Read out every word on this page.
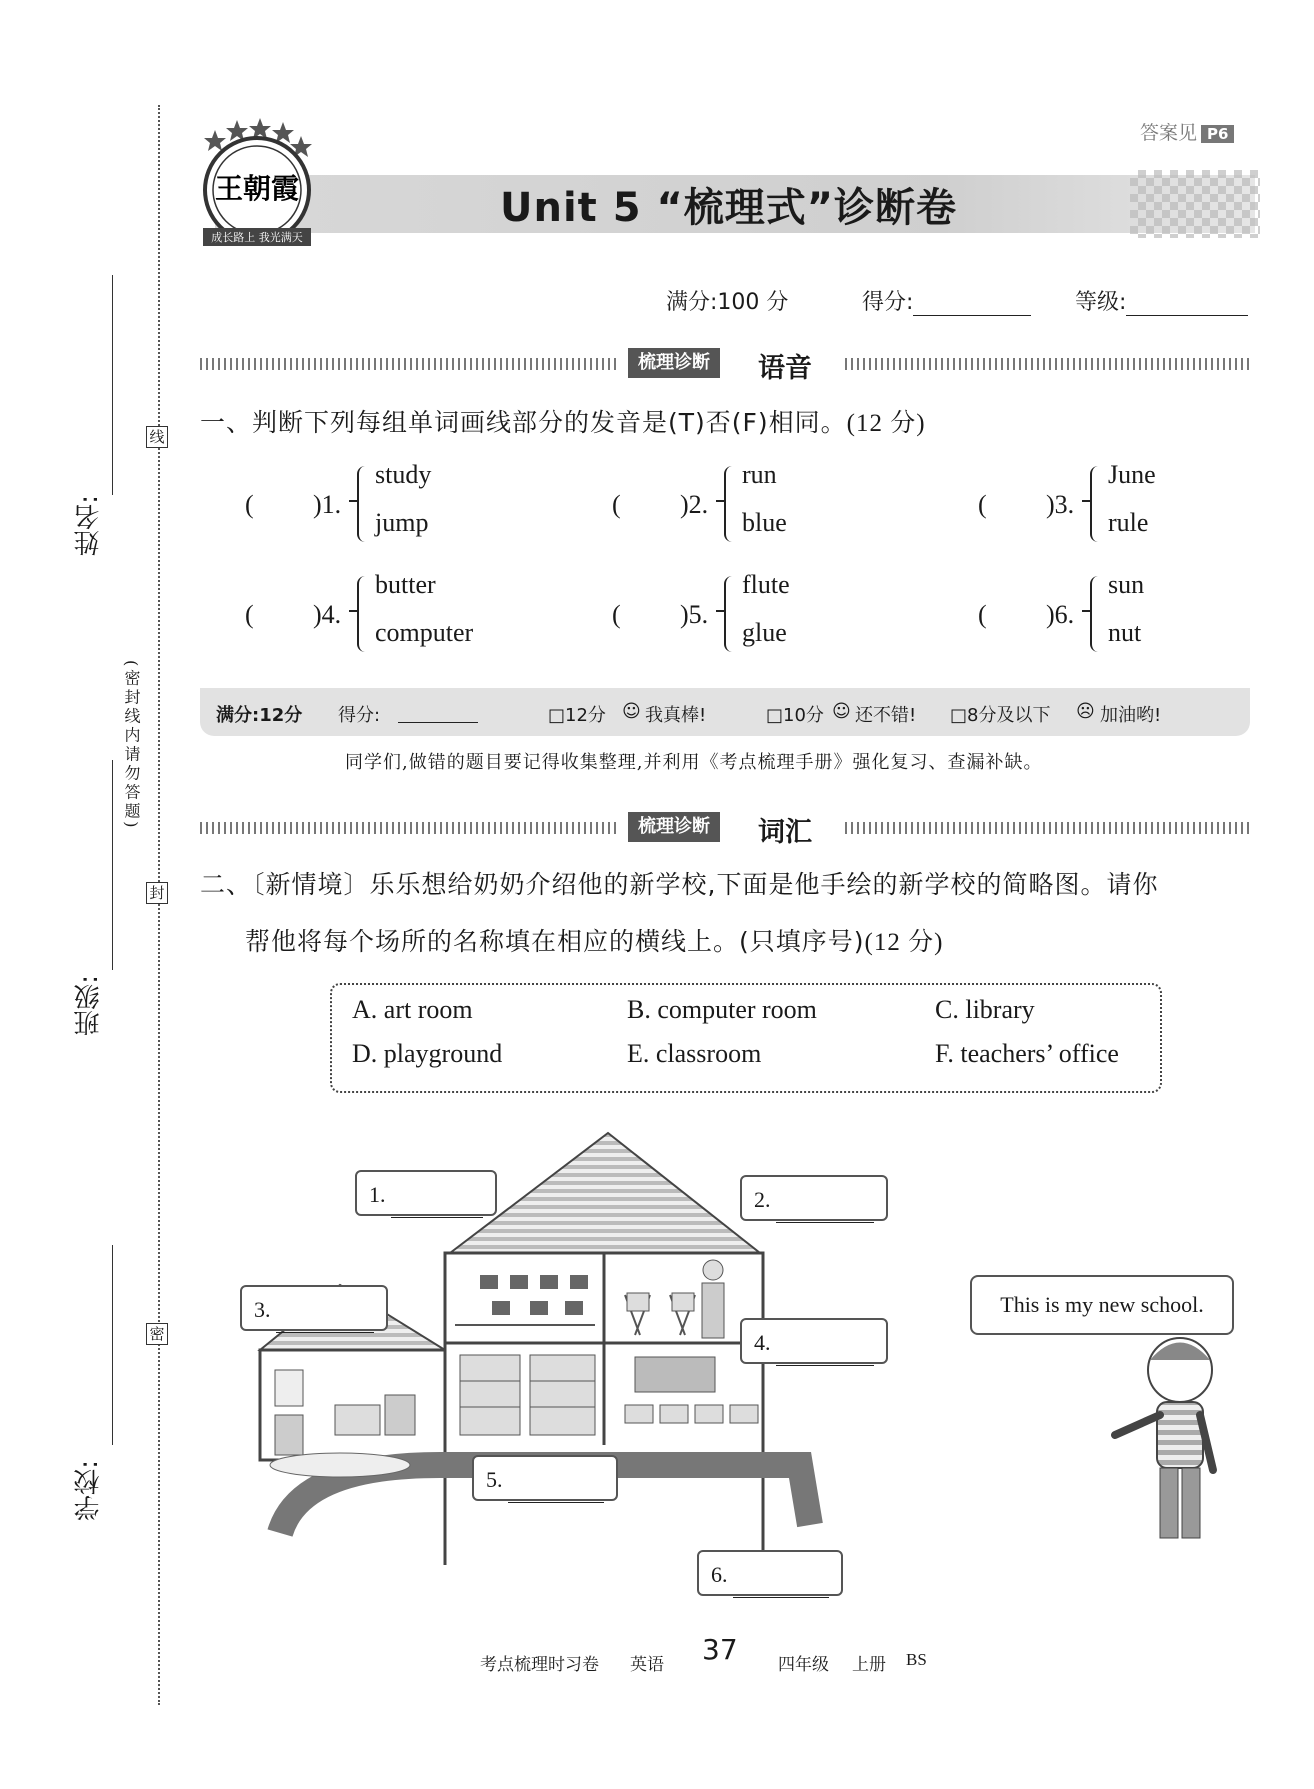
姓名:
线
(密封线内请勿答题)
封
班级:
密
学校:
答案见 P6
王朝霞
成长路上 我光满天
Unit 5 “梳理式”诊断卷
满分:100 分	得分:	等级:
梳理诊断	语音
一、判断下列每组单词画线部分的发音是(T)否(F)相同。(12 分)
( )1.
study
jump
( )2.
run
blue
( )3.
June
rule
( )4.
butter
computer
( )5.
flute
glue
( )6.
sun
nut
满分:12分 得分:	□12分 ☺ 我真棒!	□10分 ☺ 还不错! □8分及以下 ☹ 加油哟!
同学们,做错的题目要记得收集整理,并利用《考点梳理手册》强化复习、查漏补缺。
梳理诊断	词汇
二、〔新情境〕乐乐想给奶奶介绍他的新学校,下面是他手绘的新学校的简略图。请你
帮他将每个场所的名称填在相应的横线上。(只填序号)(12 分)
A. art room	B. computer room	C. library
D. playground	E. classroom	F. teachers’ office
1.	2.
3.
4.
5.
6.
This is my new school.
考点梳理时习卷 英语 37 四年级 上册 BS
